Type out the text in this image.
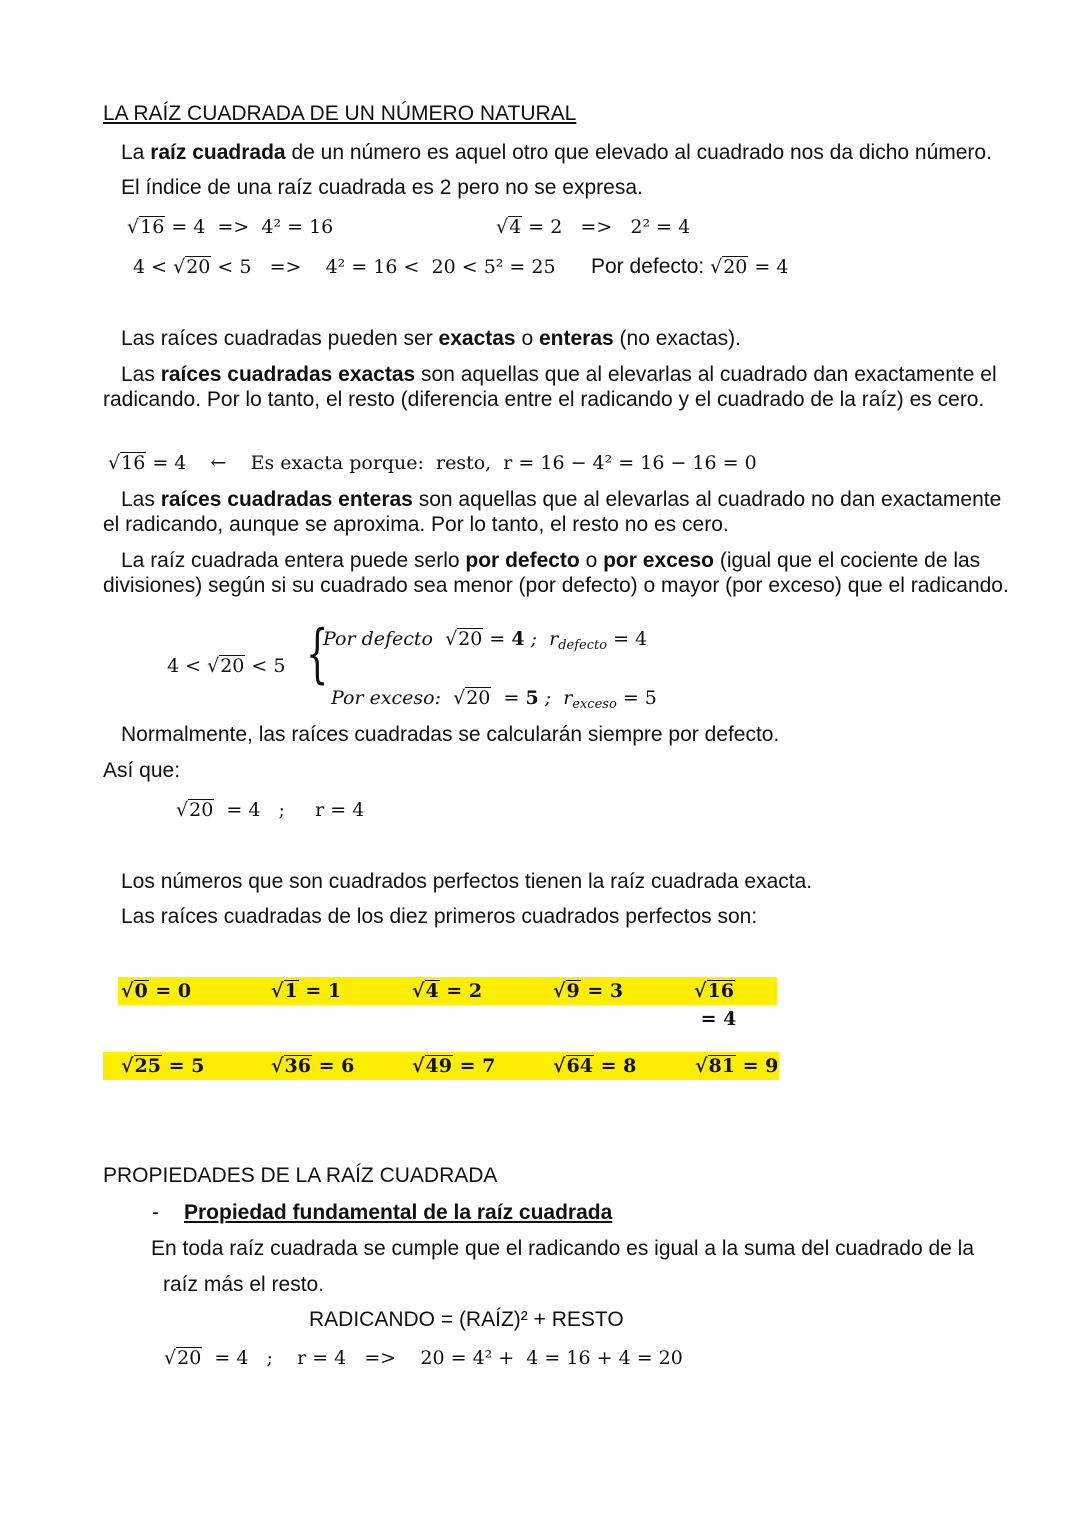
LA RAÍZ CUADRADA DE UN NÚMERO NATURAL
La raíz cuadrada de un número es aquel otro que elevado al cuadrado nos da dicho número.
El índice de una raíz cuadrada es 2 pero no se expresa.
√16 = 4  =>  4² = 16	√4 = 2   =>   2² = 4
4 < √20 < 5   =>    4² = 16 <  20 < 5² = 25 Por defecto: √20 = 4
Las raíces cuadradas pueden ser exactas o enteras (no exactas).
Las raíces cuadradas exactas son aquellas que al elevarlas al cuadrado dan exactamente el radicando. Por lo tanto, el resto (diferencia entre el radicando y el cuadrado de la raíz) es cero.
√16 = 4    ←    Es exacta porque:  resto,  r = 16 − 4² = 16 − 16 = 0
Las raíces cuadradas enteras son aquellas que al elevarlas al cuadrado no dan exactamente el radicando, aunque se aproxima. Por lo tanto, el resto no es cero.
La raíz cuadrada entera puede serlo por defecto o por exceso (igual que el cociente de las divisiones) según si su cuadrado sea menor (por defecto) o mayor (por exceso) que el radicando.
4 < √20 < 5 {
Por defecto  √20 = 4 ;  $r_{defecto} = 4$
Por exceso:  √20  = 5 ;  $r_{exceso} = 5$
Normalmente, las raíces cuadradas se calcularán siempre por defecto.
Así que:
√20  = 4   ;     r = 4
Los números que son cuadrados perfectos tienen la raíz cuadrada exacta.
Las raíces cuadradas de los diez primeros cuadrados perfectos son:
√0 = 0	√1 = 1	√4 = 2	√9 = 3	√16 = 4
√25 = 5	√36 = 6	√49 = 7	√64 = 8	√81 = 9
PROPIEDADES DE LA RAÍZ CUADRADA
- Propiedad fundamental de la raíz cuadrada
En toda raíz cuadrada se cumple que el radicando es igual a la suma del cuadrado de la
raíz más el resto.
RADICANDO = (RAÍZ)² + RESTO
√20  = 4   ;    r = 4   =>    20 = 4² +  4 = 16 + 4 = 20
